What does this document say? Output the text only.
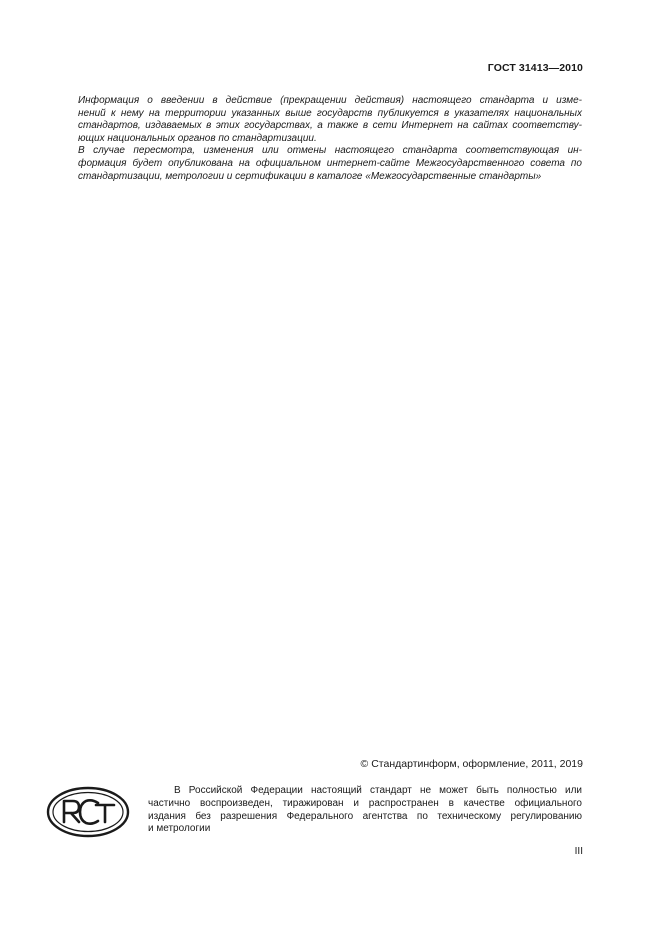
ГОСТ 31413—2010
Информация о введении в действие (прекращении действия) настоящего стандарта и изме-
нений к нему на территории указанных выше государств публикуется в указателях национальных
стандартов, издаваемых в этих государствах, а также в сети Интернет на сайтах соответству-
ющих национальных органов по стандартизации.
В случае пересмотра, изменения или отмены настоящего стандарта соответствующая ин-
формация будет опубликована на официальном интернет-сайте Межгосударственного совета по
стандартизации, метрологии и сертификации в каталоге «Межгосударственные стандарты»
© Стандартинформ, оформление, 2011, 2019
В Российской Федерации настоящий стандарт не может быть полностью или
частично воспроизведен, тиражирован и распространен в качестве официального
издания без разрешения Федерального агентства по техническому регулированию
и метрологии
III
